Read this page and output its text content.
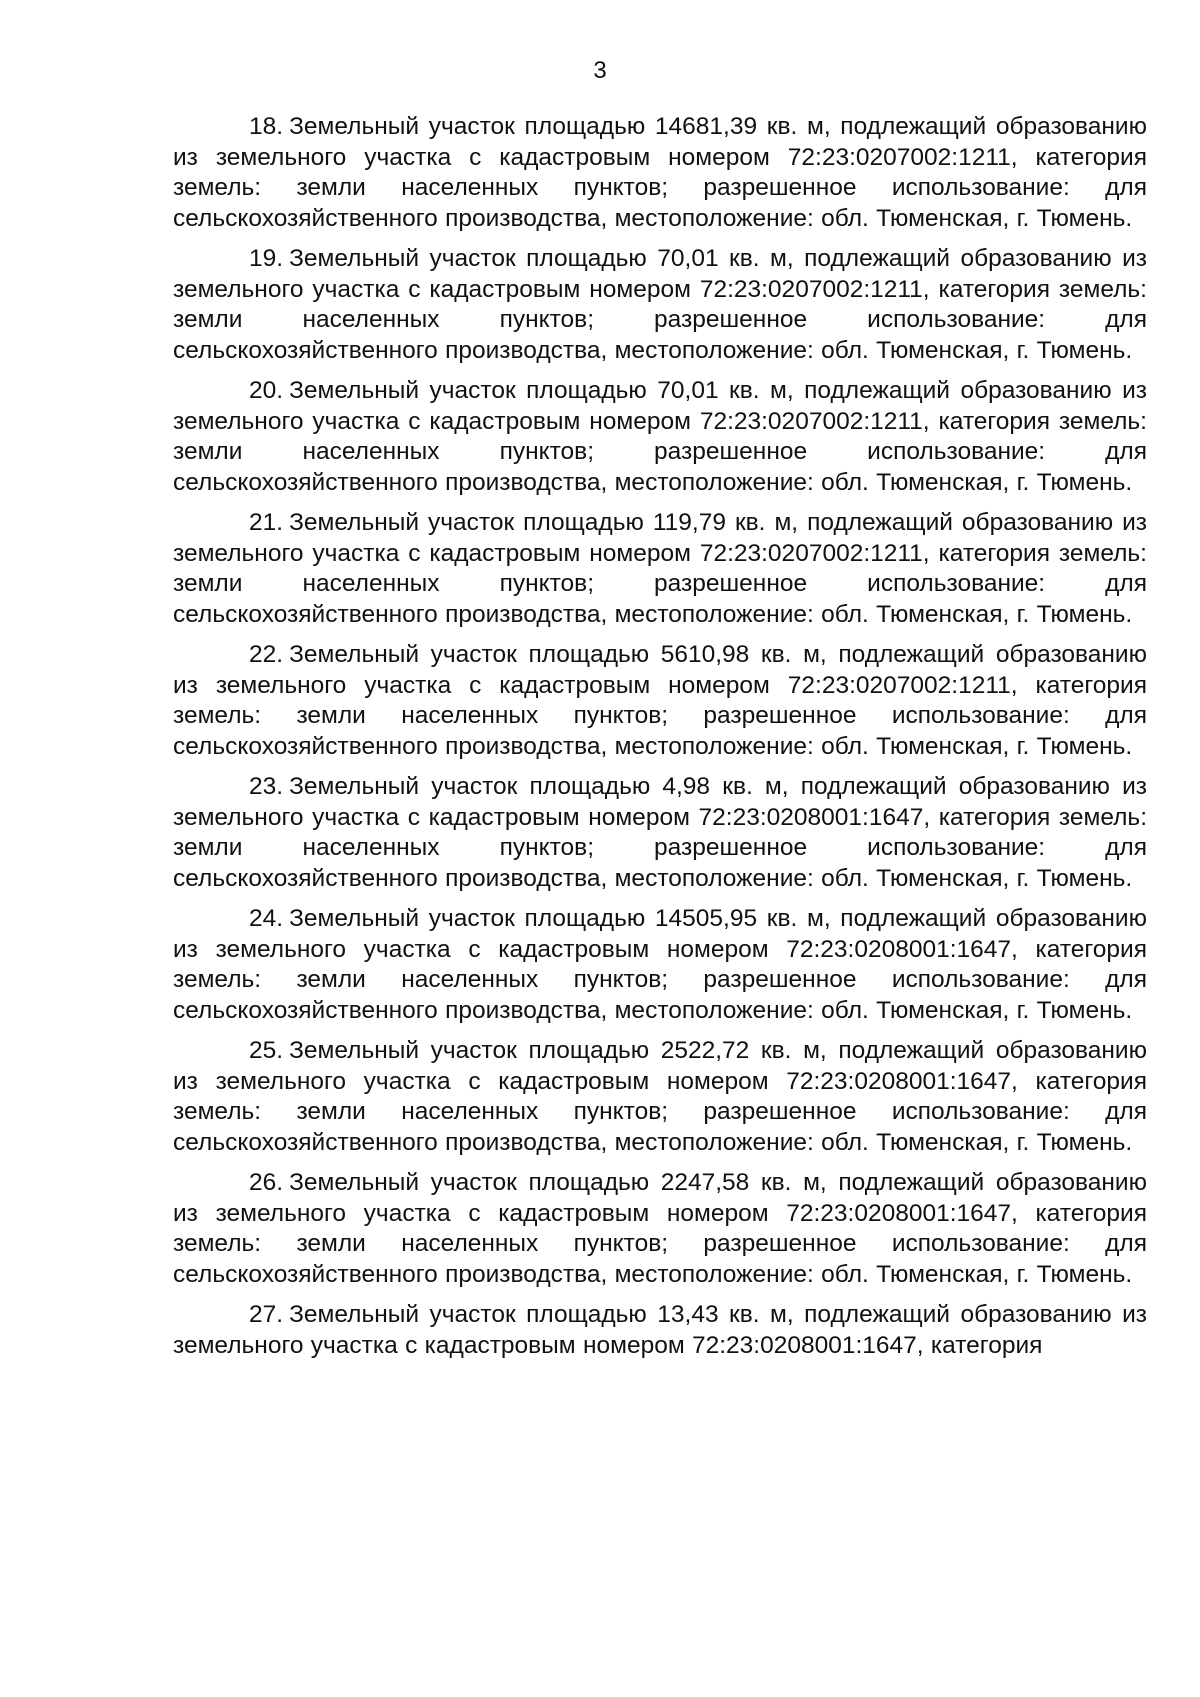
3

18. Земельный участок площадью 14681,39 кв. м, подлежащий образованию из земельного участка с кадастровым номером 72:23:0207002:1211, категория земель: земли населенных пунктов; разрешенное использование: для сельскохозяйственного производства, местоположение: обл. Тюменская, г. Тюмень.

19. Земельный участок площадью 70,01 кв. м, подлежащий образованию из земельного участка с кадастровым номером 72:23:0207002:1211, категория земель: земли населенных пунктов; разрешенное использование: для сельскохозяйственного производства, местоположение: обл. Тюменская, г. Тюмень.

20. Земельный участок площадью 70,01 кв. м, подлежащий образованию из земельного участка с кадастровым номером 72:23:0207002:1211, категория земель: земли населенных пунктов; разрешенное использование: для сельскохозяйственного производства, местоположение: обл. Тюменская, г. Тюмень.

21. Земельный участок площадью 119,79 кв. м, подлежащий образованию из земельного участка с кадастровым номером 72:23:0207002:1211, категория земель: земли населенных пунктов; разрешенное использование: для сельскохозяйственного производства, местоположение: обл. Тюменская, г. Тюмень.

22. Земельный участок площадью 5610,98 кв. м, подлежащий образованию из земельного участка с кадастровым номером 72:23:0207002:1211, категория земель: земли населенных пунктов; разрешенное использование: для сельскохозяйственного производства, местоположение: обл. Тюменская, г. Тюмень.

23. Земельный участок площадью 4,98 кв. м, подлежащий образованию из земельного участка с кадастровым номером 72:23:0208001:1647, категория земель: земли населенных пунктов; разрешенное использование: для сельскохозяйственного производства, местоположение: обл. Тюменская, г. Тюмень.

24. Земельный участок площадью 14505,95 кв. м, подлежащий образованию из земельного участка с кадастровым номером 72:23:0208001:1647, категория земель: земли населенных пунктов; разрешенное использование: для сельскохозяйственного производства, местоположение: обл. Тюменская, г. Тюмень.

25. Земельный участок площадью 2522,72 кв. м, подлежащий образованию из земельного участка с кадастровым номером 72:23:0208001:1647, категория земель: земли населенных пунктов; разрешенное использование: для сельскохозяйственного производства, местоположение: обл. Тюменская, г. Тюмень.

26. Земельный участок площадью 2247,58 кв. м, подлежащий образованию из земельного участка с кадастровым номером 72:23:0208001:1647, категория земель: земли населенных пунктов; разрешенное использование: для сельскохозяйственного производства, местоположение: обл. Тюменская, г. Тюмень.

27. Земельный участок площадью 13,43 кв. м, подлежащий образованию из земельного участка с кадастровым номером 72:23:0208001:1647, категория
